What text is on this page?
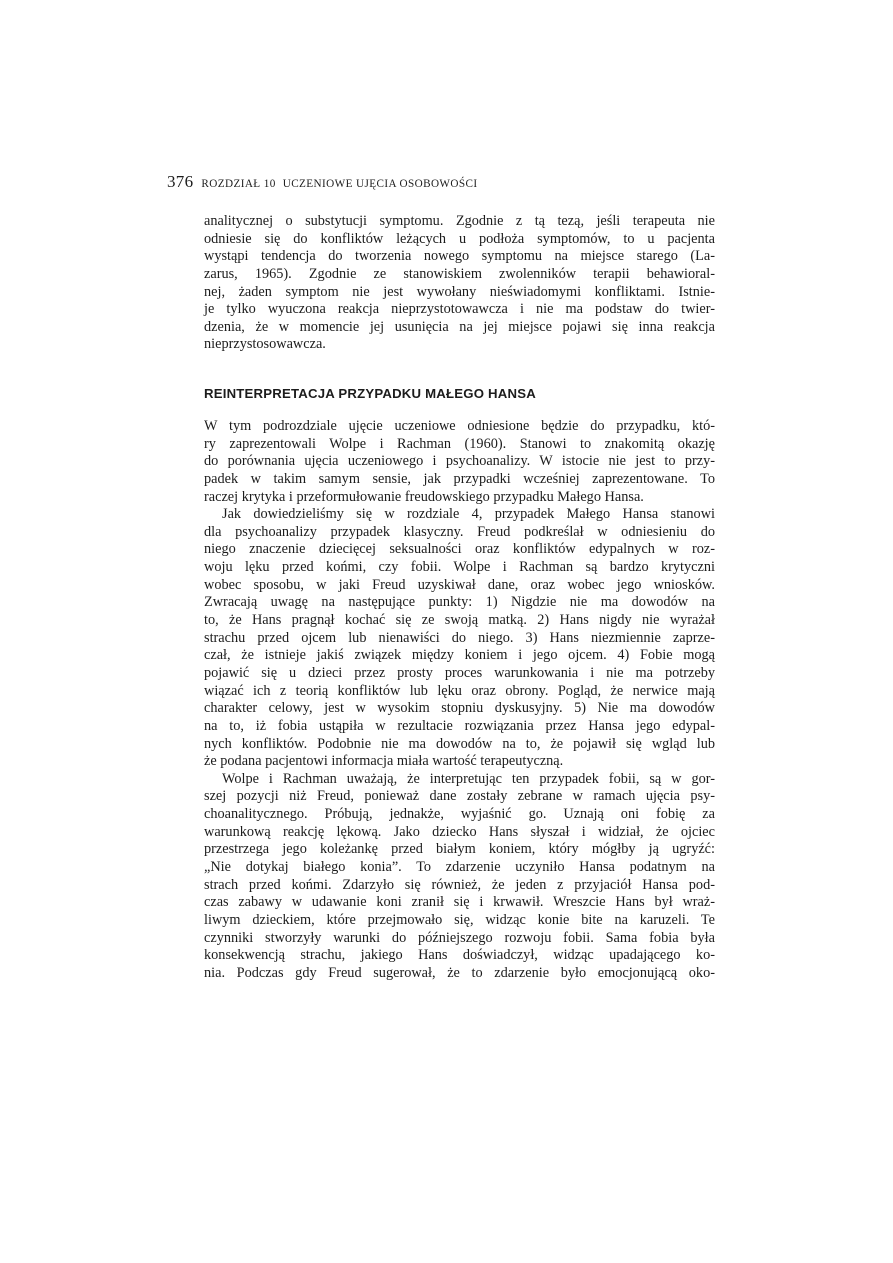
376 ROZDZIAŁ 10 UCZENIOWE UJĘCIA OSOBOWOŚCI
analitycznej o substytucji symptomu. Zgodnie z tą tezą, jeśli terapeuta nie
odniesie się do konfliktów leżących u podłoża symptomów, to u pacjenta
wystąpi tendencja do tworzenia nowego symptomu na miejsce starego (La-
zarus, 1965). Zgodnie ze stanowiskiem zwolenników terapii behawioral-
nej, żaden symptom nie jest wywołany nieświadomymi konfliktami. Istnie-
je tylko wyuczona reakcja nieprzystotowawcza i nie ma podstaw do twier-
dzenia, że w momencie jej usunięcia na jej miejsce pojawi się inna reakcja
nieprzystosowawcza.
REINTERPRETACJA PRZYPADKU MAŁEGO HANSA
W tym podrozdziale ujęcie uczeniowe odniesione będzie do przypadku, któ-
ry zaprezentowali Wolpe i Rachman (1960). Stanowi to znakomitą okazję
do porównania ujęcia uczeniowego i psychoanalizy. W istocie nie jest to przy-
padek w takim samym sensie, jak przypadki wcześniej zaprezentowane. To
raczej krytyka i przeformułowanie freudowskiego przypadku Małego Hansa.
Jak dowiedzieliśmy się w rozdziale 4, przypadek Małego Hansa stanowi
dla psychoanalizy przypadek klasyczny. Freud podkreślał w odniesieniu do
niego znaczenie dziecięcej seksualności oraz konfliktów edypalnych w roz-
woju lęku przed końmi, czy fobii. Wolpe i Rachman są bardzo krytyczni
wobec sposobu, w jaki Freud uzyskiwał dane, oraz wobec jego wniosków.
Zwracają uwagę na następujące punkty: 1) Nigdzie nie ma dowodów na
to, że Hans pragnął kochać się ze swoją matką. 2) Hans nigdy nie wyrażał
strachu przed ojcem lub nienawiści do niego. 3) Hans niezmiennie zaprze-
czał, że istnieje jakiś związek między koniem i jego ojcem. 4) Fobie mogą
pojawić się u dzieci przez prosty proces warunkowania i nie ma potrzeby
wiązać ich z teorią konfliktów lub lęku oraz obrony. Pogląd, że nerwice mają
charakter celowy, jest w wysokim stopniu dyskusyjny. 5) Nie ma dowodów
na to, iż fobia ustąpiła w rezultacie rozwiązania przez Hansa jego edypal-
nych konfliktów. Podobnie nie ma dowodów na to, że pojawił się wgląd lub
że podana pacjentowi informacja miała wartość terapeutyczną.
Wolpe i Rachman uważają, że interpretując ten przypadek fobii, są w gor-
szej pozycji niż Freud, ponieważ dane zostały zebrane w ramach ujęcia psy-
choanalitycznego. Próbują, jednakże, wyjaśnić go. Uznają oni fobię za
warunkową reakcję lękową. Jako dziecko Hans słyszał i widział, że ojciec
przestrzega jego koleżankę przed białym koniem, który mógłby ją ugryźć:
„Nie dotykaj białego konia”. To zdarzenie uczyniło Hansa podatnym na
strach przed końmi. Zdarzyło się również, że jeden z przyjaciół Hansa pod-
czas zabawy w udawanie koni zranił się i krwawił. Wreszcie Hans był wraż-
liwym dzieckiem, które przejmowało się, widząc konie bite na karuzeli. Te
czynniki stworzyły warunki do późniejszego rozwoju fobii. Sama fobia była
konsekwencją strachu, jakiego Hans doświadczył, widząc upadającego ko-
nia. Podczas gdy Freud sugerował, że to zdarzenie było emocjonującą oko-
